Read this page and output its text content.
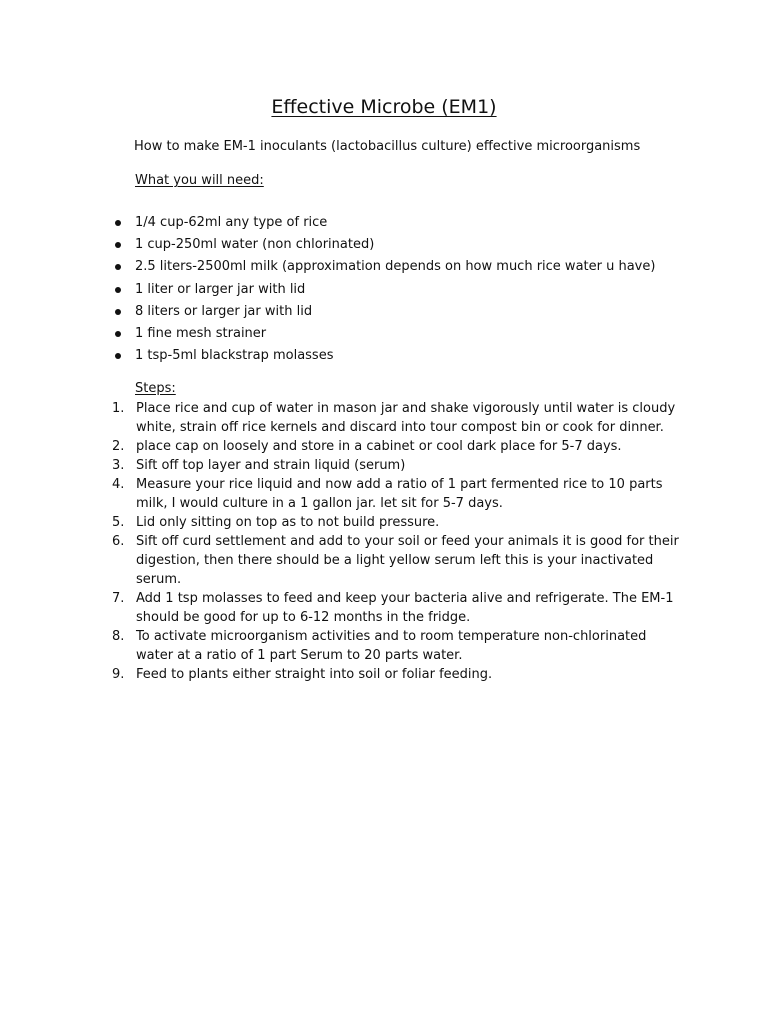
Effective Microbe (EM1)

How to make EM-1 inoculants (lactobacillus culture) effective microorganisms

What you will need:

1/4 cup-62ml any type of rice
1 cup-250ml water (non chlorinated)
2.5 liters-2500ml milk (approximation depends on how much rice water u have)
1 liter or larger jar with lid
8 liters or larger jar with lid
1 fine mesh strainer
1 tsp-5ml blackstrap molasses

Steps:

1. Place rice and cup of water in mason jar and shake vigorously until water is cloudy white, strain off rice kernels and discard into tour compost bin or cook for dinner.
2. place cap on loosely and store in a cabinet or cool dark place for 5-7 days.
3. Sift off top layer and strain liquid (serum)
4. Measure your rice liquid and now add a ratio of 1 part fermented rice to 10 parts milk, I would culture in a 1 gallon jar. let sit for 5-7 days.
5. Lid only sitting on top as to not build pressure.
6. Sift off curd settlement and add to your soil or feed your animals it is good for their digestion, then there should be a light yellow serum left this is your inactivated serum.
7. Add 1 tsp molasses to feed and keep your bacteria alive and refrigerate. The EM-1 should be good for up to 6-12 months in the fridge.
8. To activate microorganism activities and to room temperature non-chlorinated water at a ratio of 1 part Serum to 20 parts water.
9. Feed to plants either straight into soil or foliar feeding.
